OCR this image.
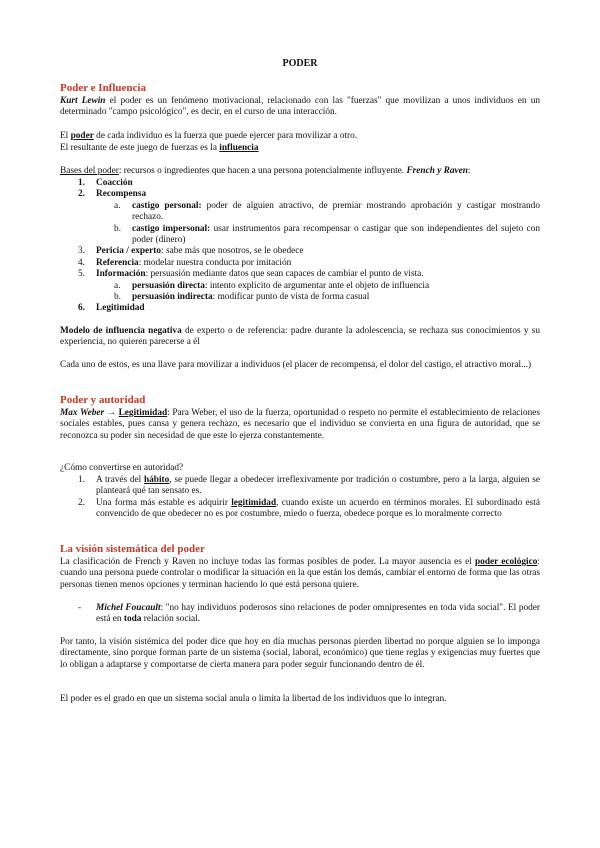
PODER
Poder e Influencia
Kurt Lewin el poder es un fenómeno motivacional, relacionado con las "fuerzas" que movilizan a unos individuos en un determinado "campo psicológico", es decir, en el curso de una interacción.
El poder de cada individuo es la fuerza que puede ejercer para movilizar a otro.
El resultante de este juego de fuerzas es la influencia
Bases del poder: recursos o ingredientes que hacen a una persona potencialmente influyente. French y Raven:
1. Coacción
2. Recompensa
a. castigo personal: poder de alguien atractivo, de premiar mostrando aprobación y castigar mostrando rechazo.
b. castigo impersonal: usar instrumentos para recompensar o castigar que son independientes del sujeto con poder (dinero)
3. Pericia / experto: sabe más que nosotros, se le obedece
4. Referencia: modelar nuestra conducta por imitación
5. Información: persuasión mediante datos que sean capaces de cambiar el punto de vista.
a. persuasión directa: intento explícito de argumentar ante el objeto de influencia
b. persuasión indirecta: modificar punto de vista de forma casual
6. Legitimidad
Modelo de influencia negativa de experto o de referencia: padre durante la adolescencia, se rechaza sus conocimientos y su experiencia, no quieren parecerse a él
Cada uno de estos, es una llave para movilizar a individuos (el placer de recompensa, el dolor del castigo, el atractivo moral...)
Poder y autoridad
Max Weber → Legitimidad: Para Weber, el uso de la fuerza, oportunidad o respeto no permite el establecimiento de relaciones sociales estables, pues cansa y genera rechazo, es necesario que el individuo se convierta en una figura de autoridad, que se reconozca su poder sin necesidad de que este lo ejerza constantemente.
¿Cómo convertirse en autoridad?
1. A través del hábito, se puede llegar a obedecer irreflexivamente por tradición o costumbre, pero a la larga, alguien se planteará qué tan sensato es.
2. Una forma más estable es adquirir legitimidad, cuando existe un acuerdo en términos morales. El subordinado está convencido de que obedecer no es por costumbre, miedo o fuerza, obedece porque es lo moralmente correcto
La visión sistemática del poder
La clasificación de French y Raven no incluye todas las formas posibles de poder. La mayor ausencia es el poder ecológico: cuando una persona puede controlar o modificar la situación en la que están los demás, cambiar el entorno de forma que las otras personas tienen menos opciones y terminan haciendo lo que está persona quiere.
- Michel Foucault: "no hay individuos poderosos sino relaciones de poder omnipresentes en toda vida social". El poder está en toda relación social.
Por tanto, la visión sistémica del poder dice que hoy en día muchas personas pierden libertad no porque alguien se lo imponga directamente, sino porque forman parte de un sistema (social, laboral, económico) que tiene reglas y exigencias muy fuertes que lo obligan a adaptarse y comportarse de cierta manera para poder seguir funcionando dentro de él.
El poder es el grado en que un sistema social anula o limita la libertad de los individuos que lo integran.
